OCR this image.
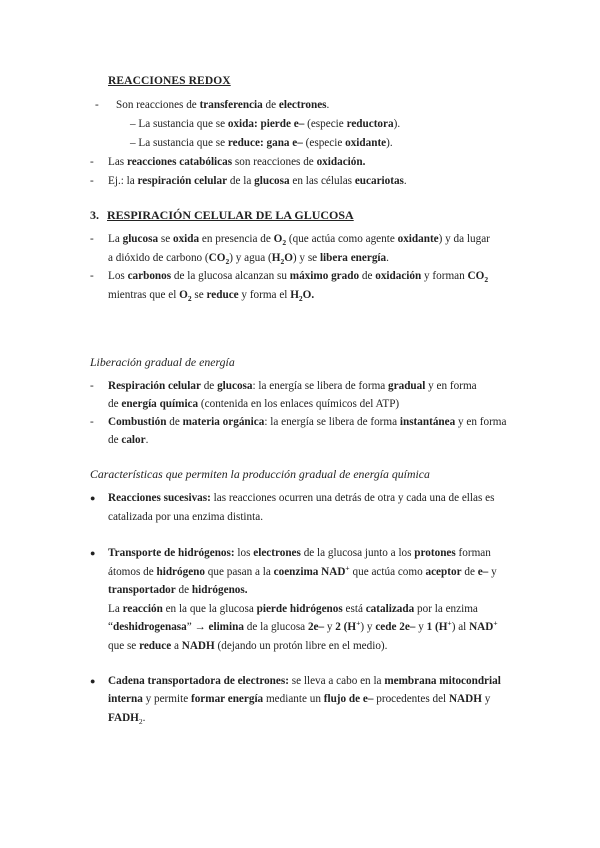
REACCIONES REDOX
- Son reacciones de transferencia de electrones.
– La sustancia que se oxida: pierde e– (especie reductora).
– La sustancia que se reduce: gana e– (especie oxidante).
- Las reacciones catabólicas son reacciones de oxidación.
- Ej.: la respiración celular de la glucosa en las células eucariotas.
3. RESPIRACIÓN CELULAR DE LA GLUCOSA
- La glucosa se oxida en presencia de $O_2$ (que actúa como agente oxidante) y da lugar
a dióxido de carbono $(CO_2)$ y agua $(H_2O)$ y se libera energía.
- Los carbonos de la glucosa alcanzan su máximo grado de oxidación y forman $CO_2$
mientras que el $O_2$ se reduce y forma el $H_2O$.
Liberación gradual de energía
- Respiración celular de glucosa: la energía se libera de forma gradual y en forma
de energía química (contenida en los enlaces químicos del ATP)
- Combustión de materia orgánica: la energía se libera de forma instantánea y en forma
de calor.
Características que permiten la producción gradual de energía química
● Reacciones sucesivas: las reacciones ocurren una detrás de otra y cada una de ellas es
catalizada por una enzima distinta.
● Transporte de hidrógenos: los electrones de la glucosa junto a los protones forman
átomos de hidrógeno que pasan a la coenzima NAD+ que actúa como aceptor de e– y
transportador de hidrógenos.
La reacción en la que la glucosa pierde hidrógenos está catalizada por la enzima
“deshidrogenasa” → elimina de la glucosa 2e– y 2 (H+) y cede 2e– y 1 (H+) al NAD+
que se reduce a NADH (dejando un protón libre en el medio).
● Cadena transportadora de electrones: se lleva a cabo en la membrana mitocondrial
interna y permite formar energía mediante un flujo de e– procedentes del NADH y
$FADH_2$.
